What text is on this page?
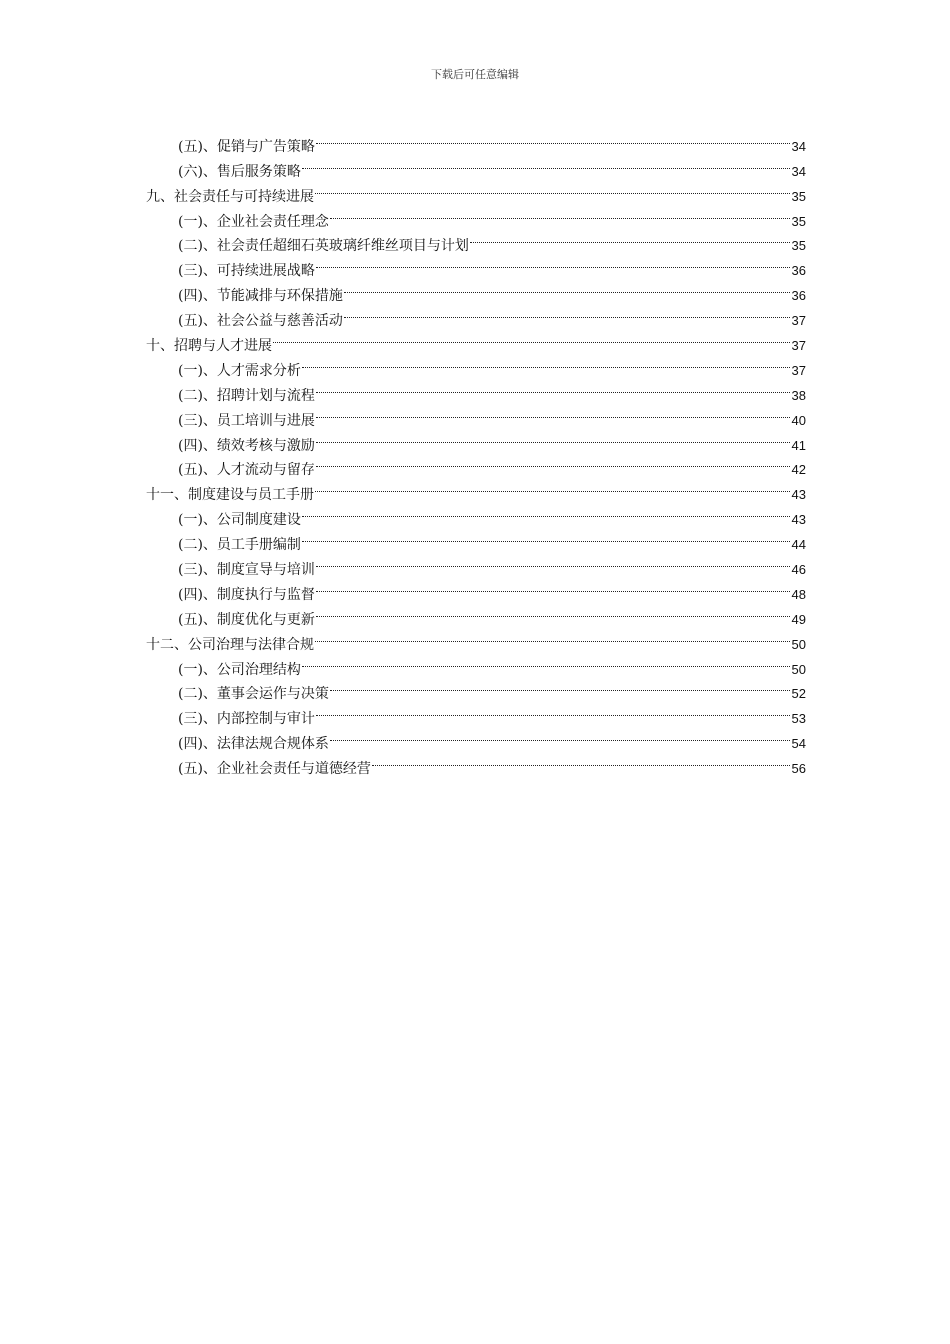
下载后可任意编辑
(五)、促销与广告策略	34
(六)、售后服务策略	34
九、社会责任与可持续进展	35
(一)、企业社会责任理念	35
(二)、社会责任超细石英玻璃纤维丝项目与计划	35
(三)、可持续进展战略	36
(四)、节能减排与环保措施	36
(五)、社会公益与慈善活动	37
十、招聘与人才进展	37
(一)、人才需求分析	37
(二)、招聘计划与流程	38
(三)、员工培训与进展	40
(四)、绩效考核与激励	41
(五)、人才流动与留存	42
十一、制度建设与员工手册	43
(一)、公司制度建设	43
(二)、员工手册编制	44
(三)、制度宣导与培训	46
(四)、制度执行与监督	48
(五)、制度优化与更新	49
十二、公司治理与法律合规	50
(一)、公司治理结构	50
(二)、董事会运作与决策	52
(三)、内部控制与审计	53
(四)、法律法规合规体系	54
(五)、企业社会责任与道德经营	56
